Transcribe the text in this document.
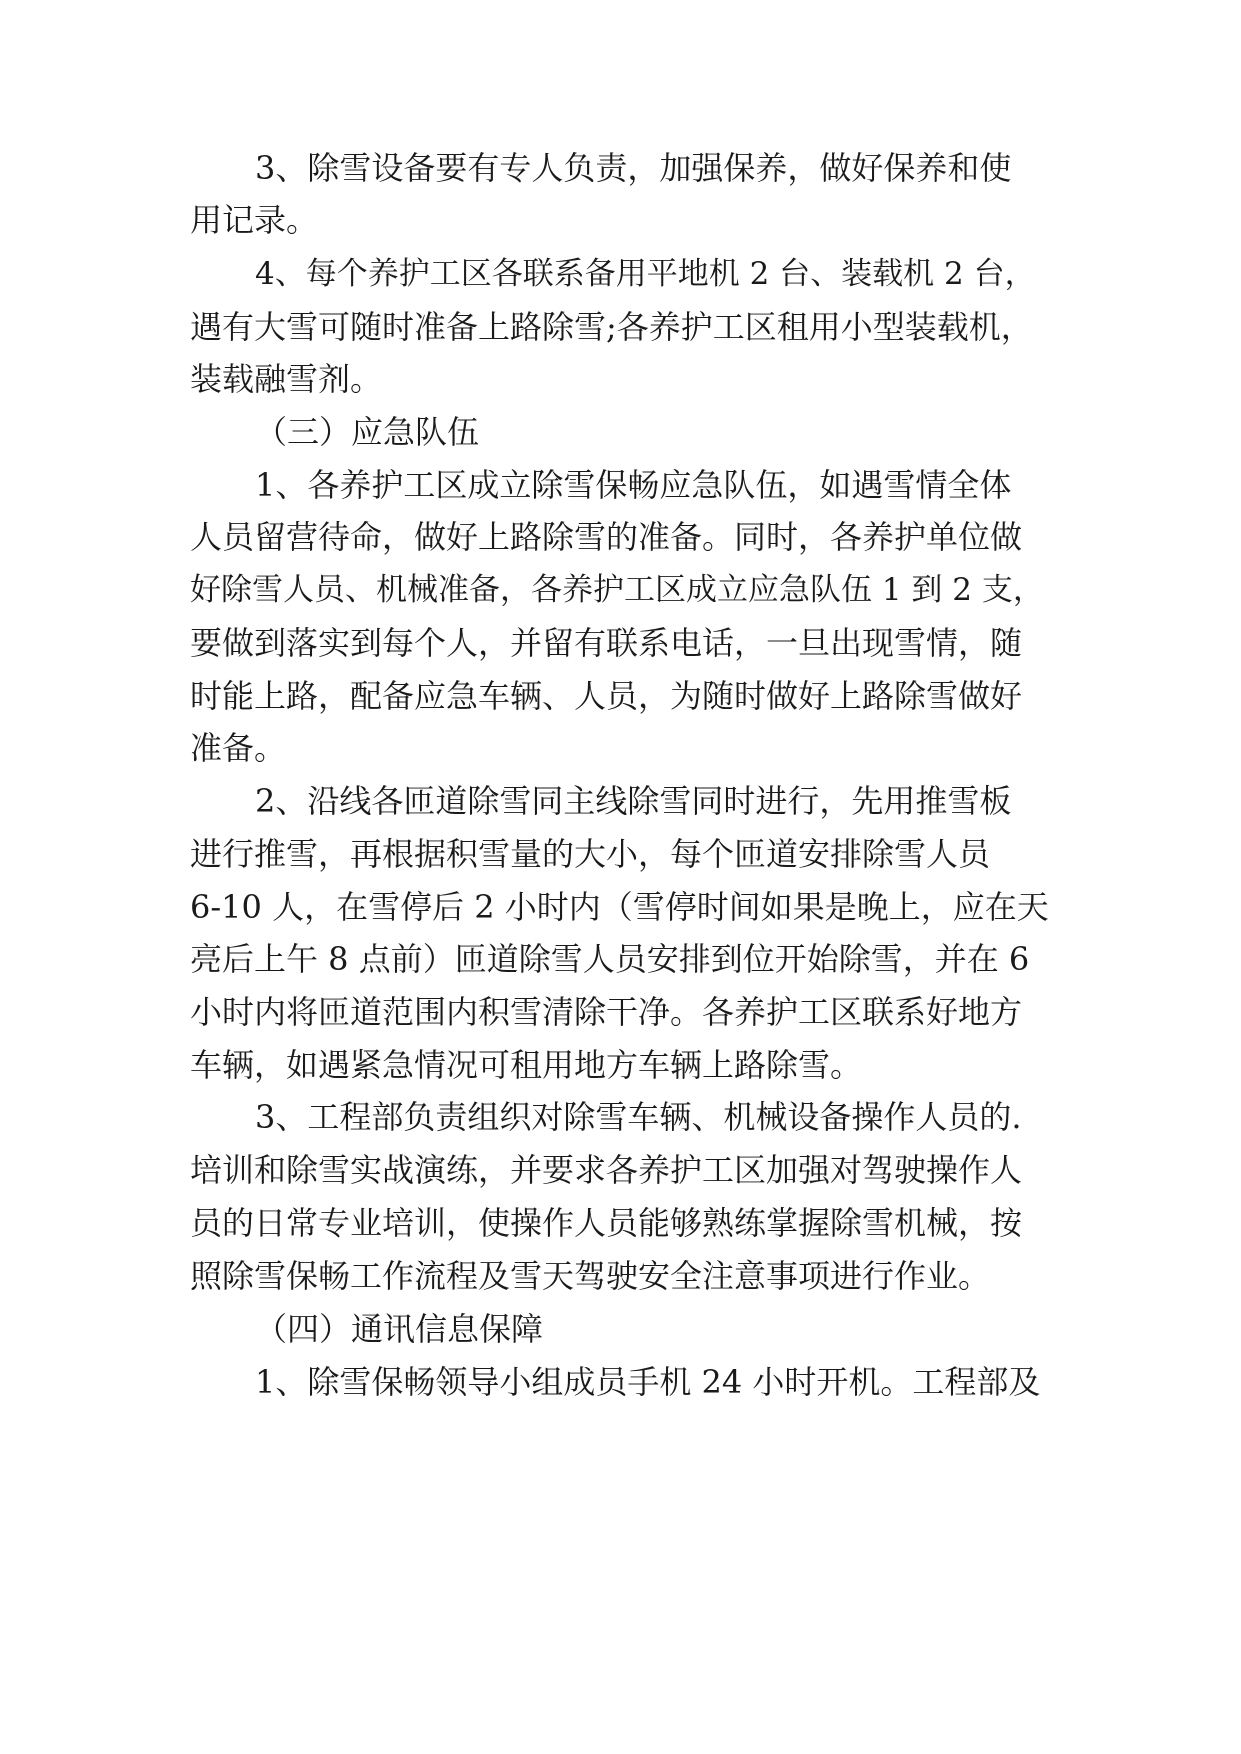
3、除雪设备要有专人负责，加强保养，做好保养和使

用记录。

4、每个养护工区各联系备用平地机 2 台、装载机 2 台，

遇有大雪可随时准备上路除雪;各养护工区租用小型装载机，

装载融雪剂。

（三）应急队伍

1、各养护工区成立除雪保畅应急队伍，如遇雪情全体

人员留营待命，做好上路除雪的准备。同时，各养护单位做

好除雪人员、机械准备，各养护工区成立应急队伍 1 到 2 支，

要做到落实到每个人，并留有联系电话，一旦出现雪情，随

时能上路，配备应急车辆、人员，为随时做好上路除雪做好

准备。

2、沿线各匝道除雪同主线除雪同时进行，先用推雪板

进行推雪，再根据积雪量的大小，每个匝道安排除雪人员

6-10 人，在雪停后 2 小时内（雪停时间如果是晚上，应在天

亮后上午 8 点前）匝道除雪人员安排到位开始除雪，并在 6

小时内将匝道范围内积雪清除干净。各养护工区联系好地方

车辆，如遇紧急情况可租用地方车辆上路除雪。

3、工程部负责组织对除雪车辆、机械设备操作人员的.

培训和除雪实战演练，并要求各养护工区加强对驾驶操作人

员的日常专业培训，使操作人员能够熟练掌握除雪机械，按

照除雪保畅工作流程及雪天驾驶安全注意事项进行作业。

（四）通讯信息保障

1、除雪保畅领导小组成员手机 24 小时开机。工程部及
